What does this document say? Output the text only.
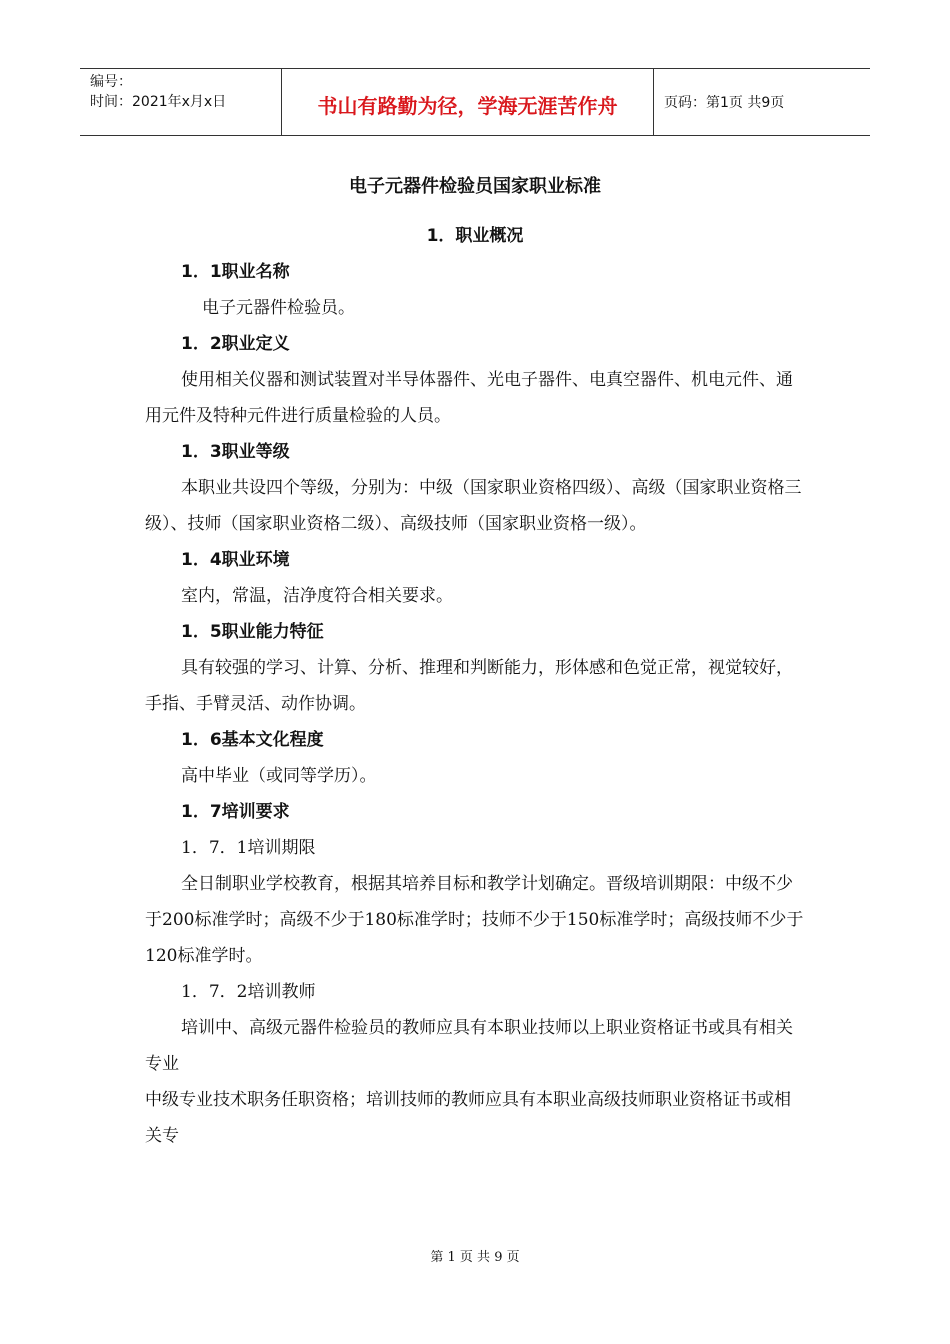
编号：
时间：2021年x月x日	书山有路勤为径，学海无涯苦作舟	页码：第1页 共9页
电子元器件检验员国家职业标准

1．职业概况

1．1职业名称

电子元器件检验员。

1．2职业定义

使用相关仪器和测试装置对半导体器件、光电子器件、电真空器件、机电元件、通用元件及特种元件进行质量检验的人员。

1．3职业等级

本职业共设四个等级，分别为：中级（国家职业资格四级）、高级（国家职业资格三级）、技师（国家职业资格二级）、高级技师（国家职业资格一级）。

1．4职业环境

室内，常温，洁净度符合相关要求。

1．5职业能力特征

具有较强的学习、计算、分析、推理和判断能力，形体感和色觉正常，视觉较好，手指、手臂灵活、动作协调。

1．6基本文化程度

高中毕业（或同等学历）。

1．7培训要求

1．7．1培训期限

全日制职业学校教育，根据其培养目标和教学计划确定。晋级培训期限：中级不少于200标准学时；高级不少于180标准学时；技师不少于150标准学时；高级技师不少于120标准学时。

1．7．2培训教师

培训中、高级元器件检验员的教师应具有本职业技师以上职业资格证书或具有相关专业

中级专业技术职务任职资格；培训技师的教师应具有本职业高级技师职业资格证书或相关专

第 1 页 共 9 页
